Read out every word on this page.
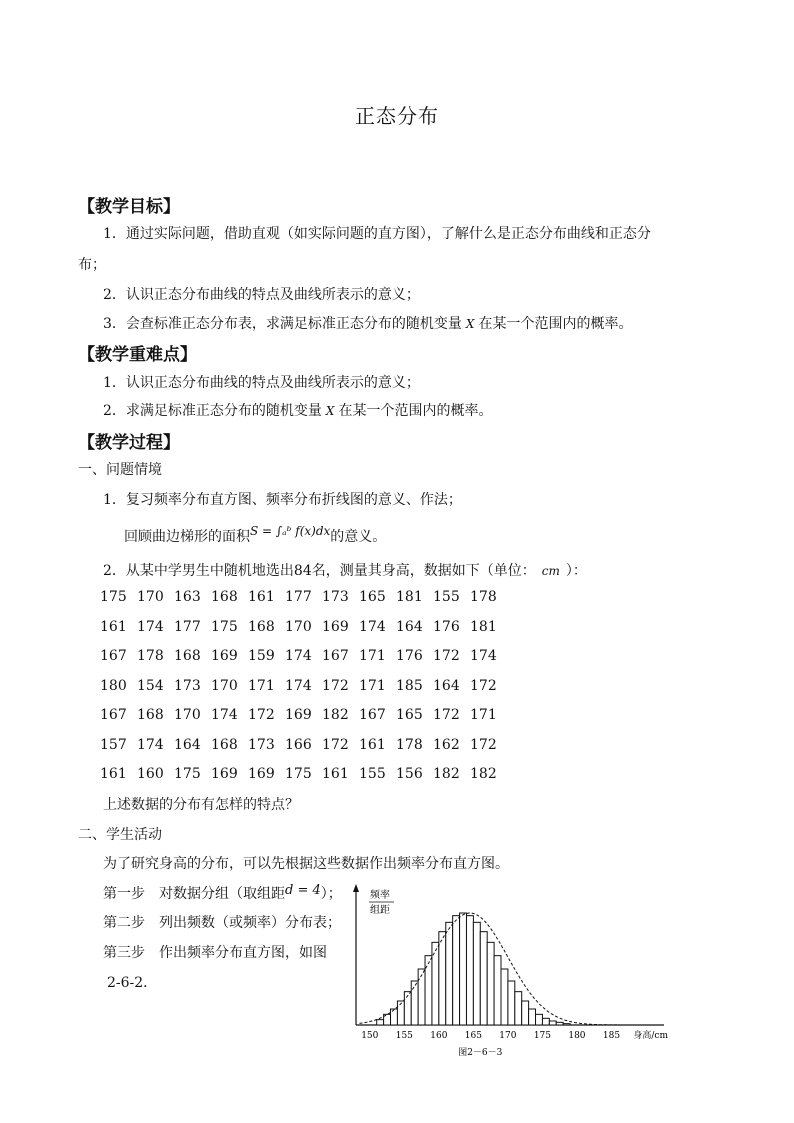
正态分布
【教学目标】
1．通过实际问题，借助直观（如实际问题的直方图），了解什么是正态分布曲线和正态分
布；
2．认识正态分布曲线的特点及曲线所表示的意义；
3．会查标准正态分布表，求满足标准正态分布的随机变量 X 在某一个范围内的概率。
【教学重难点】
1．认识正态分布曲线的特点及曲线所表示的意义；
2．求满足标准正态分布的随机变量 X 在某一个范围内的概率。
【教学过程】
一、问题情境
1．复习频率分布直方图、频率分布折线图的意义、作法；
回顾曲边梯形的面积S = ∫ₐᵇ f(x)dx的意义。
2．从某中学男生中随机地选出84名，测量其身高，数据如下（单位： cm ）：
175 170 163 168 161 177 173 165 181 155 178
161 174 177 175 168 170 169 174 164 176 181
167 178 168 169 159 174 167 171 176 172 174
180 154 173 170 171 174 172 171 185 164 172
167 168 170 174 172 169 182 167 165 172 171
157 174 164 168 173 166 172 161 178 162 172
161 160 175 169 169 175 161 155 156 182 182
上述数据的分布有怎样的特点？
二、学生活动
为了研究身高的分布，可以先根据这些数据作出频率分布直方图。
第一步　对数据分组（取组距d = 4）；
第二步　列出频数（或频率）分布表；
第三步　作出频率分布直方图，如图
2-6-2．
频率
组距
150 155 160 165 170 175 180 185 身高/cm
图2－6－3
